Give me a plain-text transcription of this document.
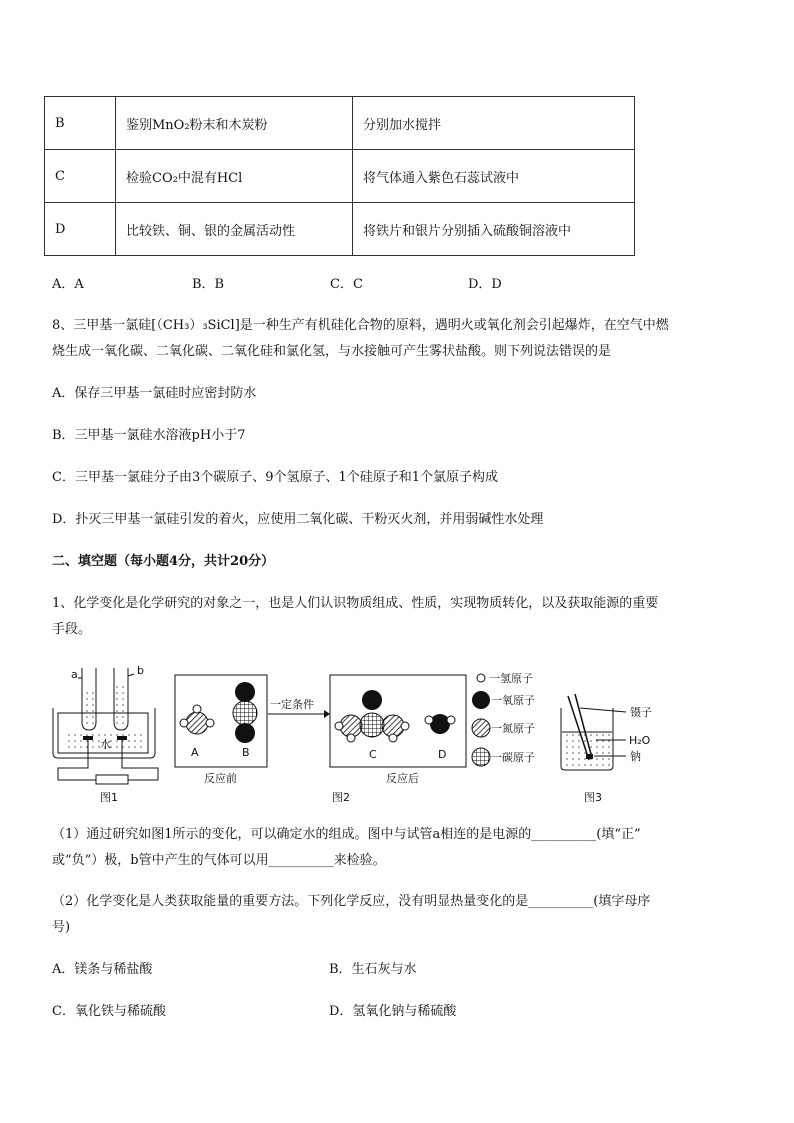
B	鉴别MnO₂粉末和木炭粉	分别加水搅拌
C	检验CO₂中混有HCl	将气体通入紫色石蕊试液中
D	比较铁、铜、银的金属活动性	将铁片和银片分别插入硫酸铜溶液中
A．A	B．B	C．C	D．D
8、三甲基一氯硅[（CH₃）₃SiCl]是一种生产有机硅化合物的原料，遇明火或氧化剂会引起爆炸，在空气中燃
烧生成一氧化碳、二氧化碳、二氧化硅和氯化氢，与水接触可产生雾状盐酸。则下列说法错误的是
A．保存三甲基一氯硅时应密封防水
B．三甲基一氯硅水溶液pH小于7
C．三甲基一氯硅分子由3个碳原子、9个氢原子、1个硅原子和1个氯原子构成
D．扑灭三甲基一氯硅引发的着火，应使用二氧化碳、干粉灭火剂，并用弱碱性水处理
二、填空题（每小题4分，共计20分）
1、化学变化是化学研究的对象之一，也是人们认识物质组成、性质，实现物质转化，以及获取能源的重要
手段。
a	b
水
图1
A	B
反应前
一定条件
C	D
反应后
图2
一氢原子
一氧原子
一氮原子
一碳原子
镊子
H₂O
钠
图3
（1）通过研究如图1所示的变化，可以确定水的组成。图中与试管a相连的是电源的__________(填“正”
或“负”）极，b管中产生的气体可以用__________来检验。
（2）化学变化是人类获取能量的重要方法。下列化学反应，没有明显热量变化的是__________(填字母序
号)
A．镁条与稀盐酸	B．生石灰与水
C．氧化铁与稀硫酸	D．氢氧化钠与稀硫酸
